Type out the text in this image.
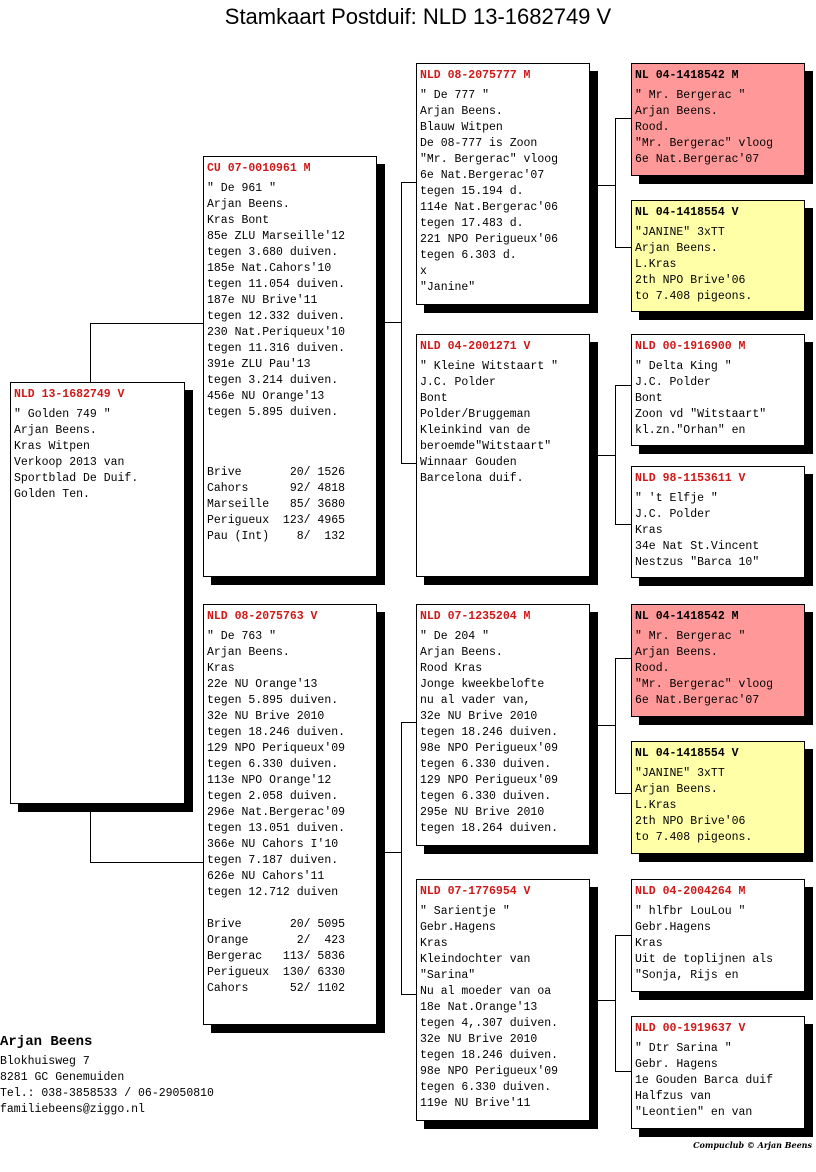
Stamkaart Postduif: NLD 13-1682749 V
NLD 13-1682749 V
" Golden 749 "
Arjan Beens.
Kras Witpen
Verkoop 2013 van
Sportblad De Duif.
Golden Ten.
CU 07-0010961 M
" De 961 "
Arjan Beens.
Kras Bont
85e ZLU Marseille'12
tegen 3.680 duiven.
185e Nat.Cahors'10
tegen 11.054 duiven.
187e NU Brive'11
tegen 12.332 duiven.
230 Nat.Periqueux'10
tegen 11.316 duiven.
391e ZLU Pau'13
tegen 3.214 duiven.
456e NU Orange'13
tegen 5.895 duiven.
Brive       20/ 1526
Cahors      92/ 4818
Marseille   85/ 3680
Perigueux  123/ 4965
Pau (Int)    8/  132
NLD 08-2075763 V
" De 763 "
Arjan Beens.
Kras
22e NU Orange'13
tegen 5.895 duiven.
32e NU Brive 2010
tegen 18.246 duiven.
129 NPO Periqueux'09
tegen 6.330 duiven.
113e NPO Orange'12
tegen 2.058 duiven.
296e Nat.Bergerac'09
tegen 13.051 duiven.
366e NU Cahors I'10
tegen 7.187 duiven.
626e NU Cahors'11
tegen 12.712 duiven
Brive       20/ 5095
Orange       2/  423
Bergerac   113/ 5836
Perigueux  130/ 6330
Cahors      52/ 1102
NLD 08-2075777 M
" De 777 "
Arjan Beens.
Blauw Witpen
De 08-777 is Zoon
"Mr. Bergerac" vloog
6e Nat.Bergerac'07
tegen 15.194 d.
114e Nat.Bergerac'06
tegen 17.483 d.
221 NPO Perigueux'06
tegen 6.303 d.
x
"Janine"
NLD 04-2001271 V
" Kleine Witstaart "
J.C. Polder
Bont
Polder/Bruggeman
Kleinkind van de
beroemde"Witstaart"
Winnaar Gouden
Barcelona duif.
NLD 07-1235204 M
" De 204 "
Arjan Beens.
Rood Kras
Jonge kweekbelofte
nu al vader van,
32e NU Brive 2010
tegen 18.246 duiven.
98e NPO Perigueux'09
tegen 6.330 duiven.
129 NPO Perigueux'09
tegen 6.330 duiven.
295e NU Brive 2010
tegen 18.264 duiven.
NLD 07-1776954 V
" Sarientje "
Gebr.Hagens
Kras
Kleindochter van
"Sarina"
Nu al moeder van oa
18e Nat.Orange'13
tegen 4,.307 duiven.
32e NU Brive 2010
tegen 18.246 duiven.
98e NPO Perigueux'09
tegen 6.330 duiven.
119e NU Brive'11
NL 04-1418542 M
" Mr. Bergerac "
Arjan Beens.
Rood.
"Mr. Bergerac" vloog
6e Nat.Bergerac'07
NL 04-1418554 V
"JANINE" 3xTT
Arjan Beens.
L.Kras
2th NPO Brive'06
to 7.408 pigeons.
NLD 00-1916900 M
" Delta King "
J.C. Polder
Bont
Zoon vd "Witstaart"
kl.zn."Orhan" en
NLD 98-1153611 V
" 't Elfje "
J.C. Polder
Kras
34e Nat St.Vincent
Nestzus "Barca 10"
NL 04-1418542 M
" Mr. Bergerac "
Arjan Beens.
Rood.
"Mr. Bergerac" vloog
6e Nat.Bergerac'07
NL 04-1418554 V
"JANINE" 3xTT
Arjan Beens.
L.Kras
2th NPO Brive'06
to 7.408 pigeons.
NLD 04-2004264 M
" hlfbr LouLou "
Gebr.Hagens
Kras
Uit de toplijnen als
"Sonja, Rijs en
NLD 00-1919637 V
" Dtr Sarina "
Gebr. Hagens
1e Gouden Barca duif
Halfzus van
"Leontien" en van
Arjan Beens
Blokhuisweg 7
8281 GC Genemuiden
Tel.: 038-3858533 / 06-29050810
familiebeens@ziggo.nl
Compuclub © Arjan Beens
